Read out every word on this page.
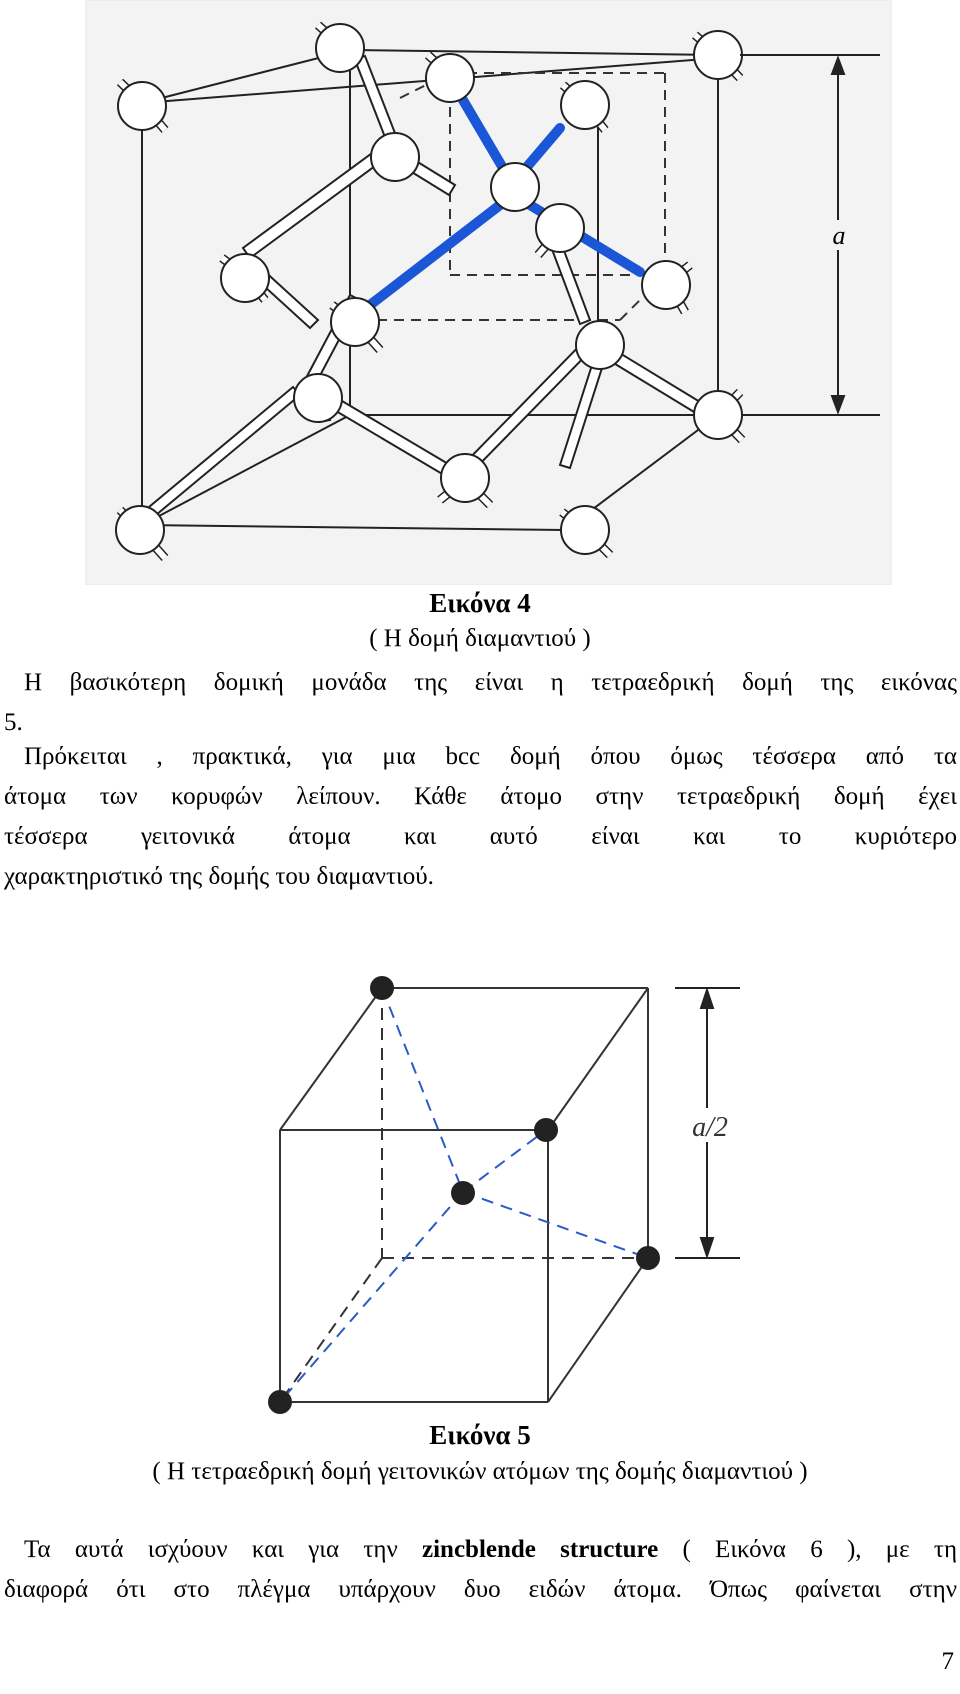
a
Εικόνα 4
( Η δομή διαμαντιού )
Η βασικότερη δομική μονάδα της είναι η τετραεδρική δομή της εικόνας
5.
Πρόκειται , πρακτικά, για μια bcc δομή όπου όμως τέσσερα από τα
άτομα των κορυφών λείπουν. Κάθε άτομο στην τετραεδρική δομή έχει
τέσσερα γειτονικά άτομα και αυτό είναι και το κυριότερο
χαρακτηριστικό της δομής του διαμαντιού.
a/2
Εικόνα 5
( Η τετραεδρική δομή γειτονικών ατόμων της δομής διαμαντιού )
Τα αυτά ισχύουν και για την zincblende structure ( Εικόνα 6 ), με τη
διαφορά ότι στο πλέγμα υπάρχουν δυο ειδών άτομα. Όπως φαίνεται στην
7
